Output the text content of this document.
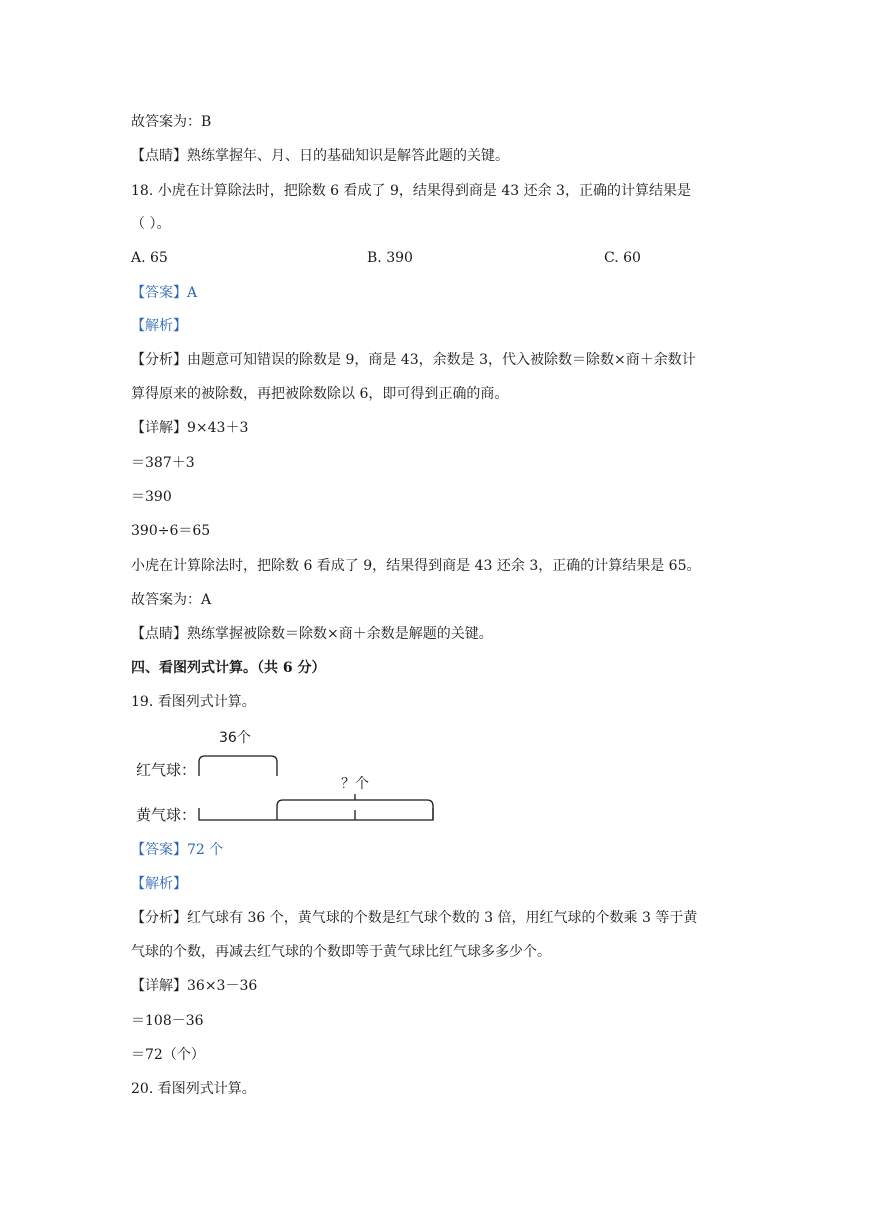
故答案为：B
【点睛】熟练掌握年、月、日的基础知识是解答此题的关键。
18. 小虎在计算除法时，把除数 6 看成了 9，结果得到商是 43 还余 3，正确的计算结果是
（ ）。
A. 65	B. 390	C. 60
【答案】A
【解析】
【分析】由题意可知错误的除数是 9，商是 43，余数是 3，代入被除数＝除数×商＋余数计
算得原来的被除数，再把被除数除以 6，即可得到正确的商。
【详解】9×43＋3
＝387＋3
＝390
390÷6＝65
小虎在计算除法时，把除数 6 看成了 9，结果得到商是 43 还余 3，正确的计算结果是 65。
故答案为：A
【点睛】熟练掌握被除数＝除数×商＋余数是解题的关键。
四、看图列式计算。（共 6 分）
19. 看图列式计算。
36个
红气球：
黄气球：
？个
【答案】72 个
【解析】
【分析】红气球有 36 个，黄气球的个数是红气球个数的 3 倍，用红气球的个数乘 3 等于黄
气球的个数，再减去红气球的个数即等于黄气球比红气球多多少个。
【详解】36×3－36
＝108－36
＝72（个）
20. 看图列式计算。
